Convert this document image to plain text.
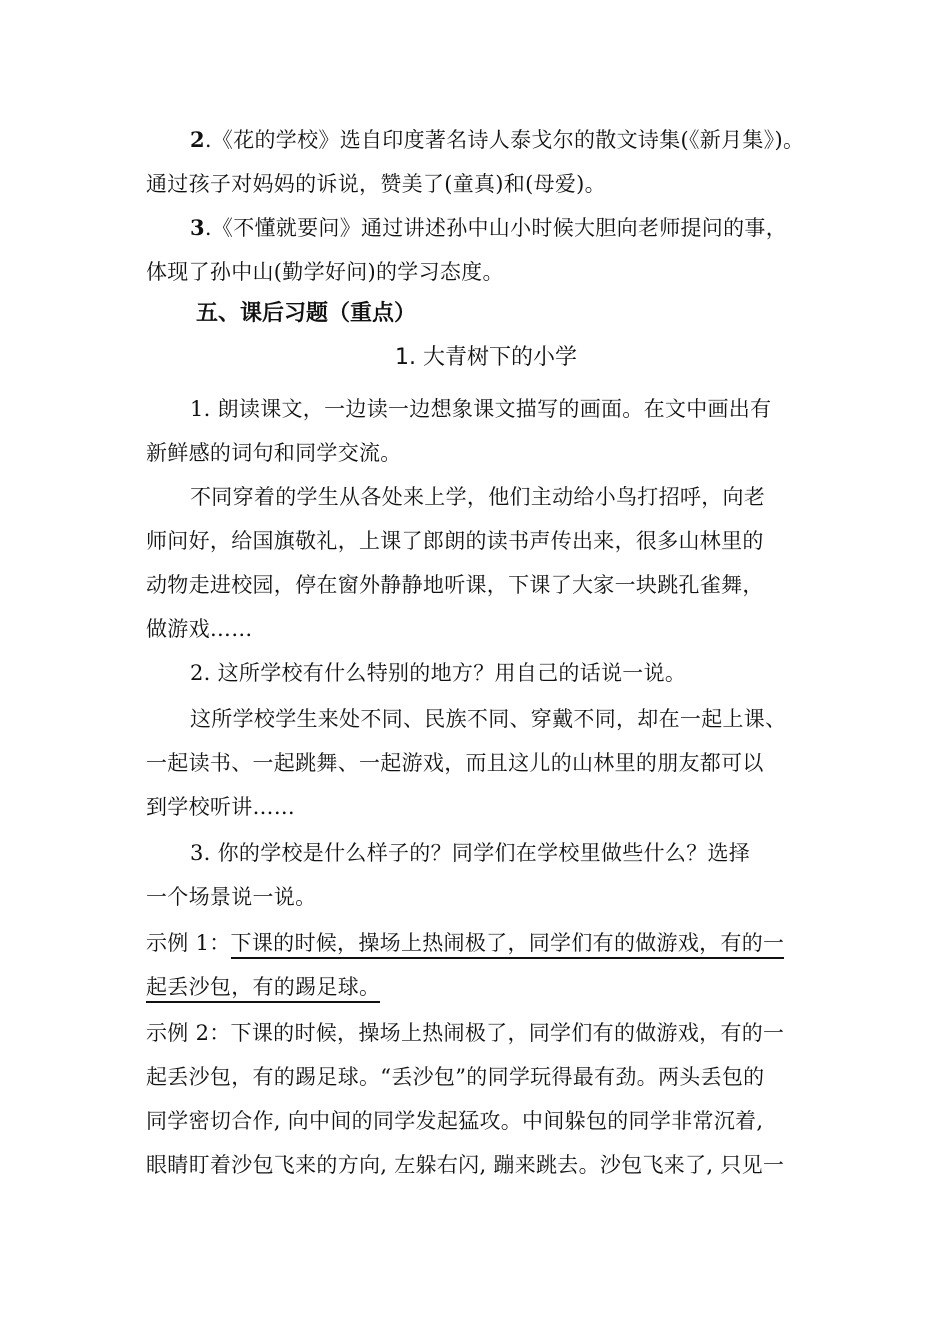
2.《花的学校》选自印度著名诗人泰戈尔的散文诗集(《新月集》)。
通过孩子对妈妈的诉说，赞美了(童真)和(母爱)。
3.《不懂就要问》通过讲述孙中山小时候大胆向老师提问的事，
体现了孙中山(勤学好问)的学习态度。
五、课后习题（重点）
1. 大青树下的小学
1. 朗读课文，一边读一边想象课文描写的画面。在文中画出有
新鲜感的词句和同学交流。
不同穿着的学生从各处来上学，他们主动给小鸟打招呼，向老
师问好，给国旗敬礼，上课了郎朗的读书声传出来，很多山林里的
动物走进校园，停在窗外静静地听课，下课了大家一块跳孔雀舞，
做游戏……
2. 这所学校有什么特别的地方？用自己的话说一说。
这所学校学生来处不同、民族不同、穿戴不同，却在一起上课、
一起读书、一起跳舞、一起游戏，而且这儿的山林里的朋友都可以
到学校听讲……
3. 你的学校是什么样子的？同学们在学校里做些什么？选择
一个场景说一说。
示例 1：下课的时候，操场上热闹极了，同学们有的做游戏，有的一
起丢沙包，有的踢足球。
示例 2：下课的时候，操场上热闹极了，同学们有的做游戏，有的一
起丢沙包，有的踢足球。“丢沙包”的同学玩得最有劲。两头丢包的
同学密切合作, 向中间的同学发起猛攻。中间躲包的同学非常沉着,
眼睛盯着沙包飞来的方向, 左躲右闪, 蹦来跳去。沙包飞来了, 只见一
